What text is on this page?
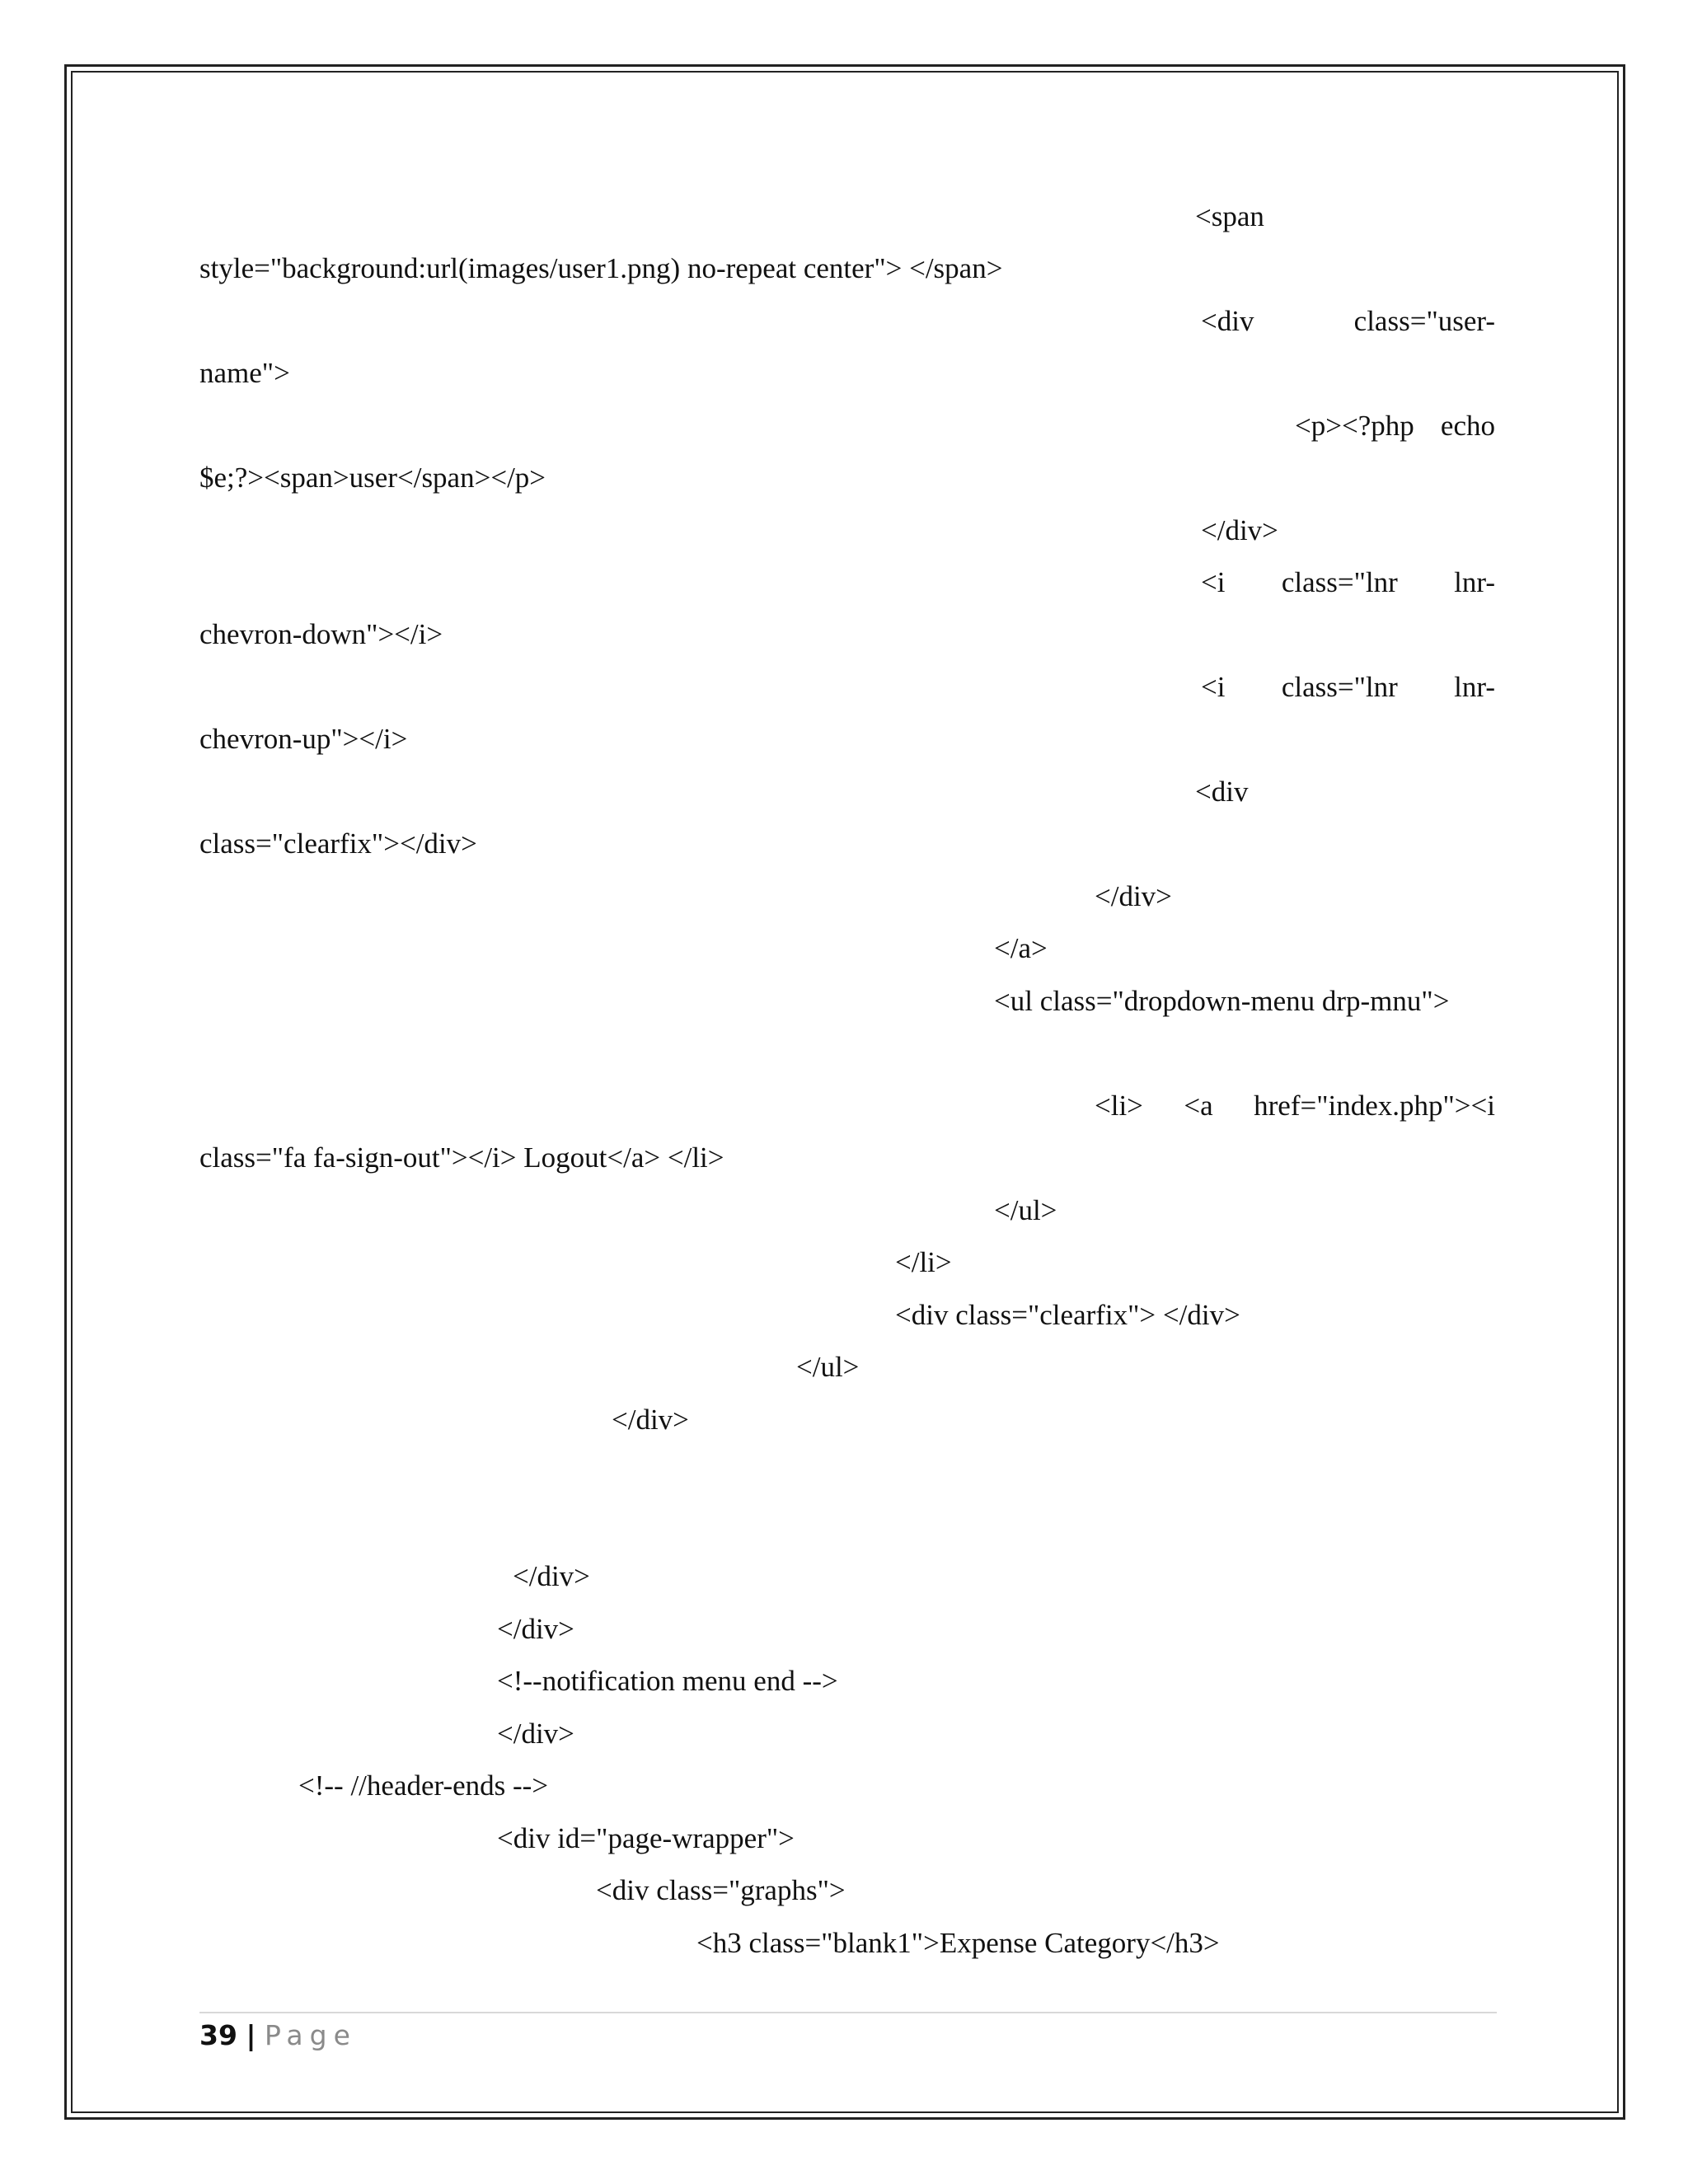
<span
style="background:url(images/user1.png) no-repeat center"> </span>
<div	class="user-
name">
<p><?php echo
$e;?><span>user</span></p>
</div>
<i class="lnr lnr-
chevron-down"></i>
<i class="lnr lnr-
chevron-up"></i>
<div
class="clearfix"></div>
</div>
</a>
<ul class="dropdown-menu drp-mnu">
<li> <a href="index.php"><i
class="fa fa-sign-out"></i> Logout</a> </li>
</ul>
</li>
<div class="clearfix"> </div>
</ul>
</div>
</div>
</div>
<!--notification menu end -->
</div>
<!-- //header-ends -->
<div id="page-wrapper">
<div class="graphs">
<h3 class="blank1">Expense Category</h3>
39 | Page
